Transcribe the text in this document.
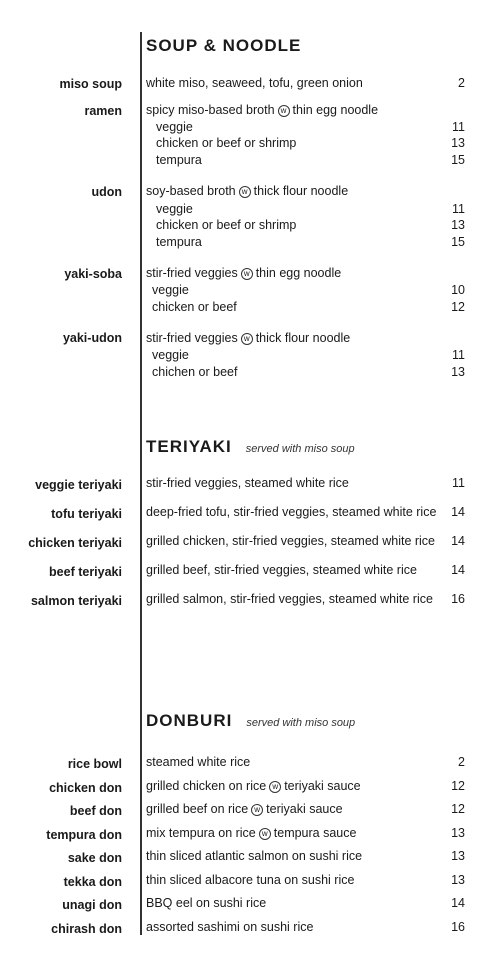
SOUP & NOODLE
miso soup white miso, seaweed, tofu, green onion	2
ramen spicy miso-based broth w thin egg noodle
veggie	11
chicken or beef or shrimp	13
tempura	15
udon soy-based broth w thick flour noodle
veggie	11
chicken or beef or shrimp	13
tempura	15
yaki-soba stir-fried veggies w thin egg noodle
veggie	10
chicken or beef	12
yaki-udon stir-fried veggies w thick flour noodle
veggie	11
chichen or beef	13
TERIYAKI served with miso soup
veggie teriyaki stir-fried veggies, steamed white rice	11
tofu teriyaki deep-fried tofu, stir-fried veggies, steamed white rice 14
chicken teriyaki grilled chicken, stir-fried veggies, steamed white rice 14
beef teriyaki grilled beef, stir-fried veggies, steamed white rice	14
salmon teriyaki grilled salmon, stir-fried veggies, steamed white rice 16
DONBURI served with miso soup
rice bowl steamed white rice	2
chicken don grilled chicken on rice w teriyaki sauce	12
beef don grilled beef on rice w teriyaki sauce	12
tempura don mix tempura on rice w tempura sauce	13
sake don thin sliced atlantic salmon on sushi rice	13
tekka don thin sliced albacore tuna on sushi rice	13
unagi don BBQ eel on sushi rice	14
chirash don assorted sashimi on sushi rice	16
